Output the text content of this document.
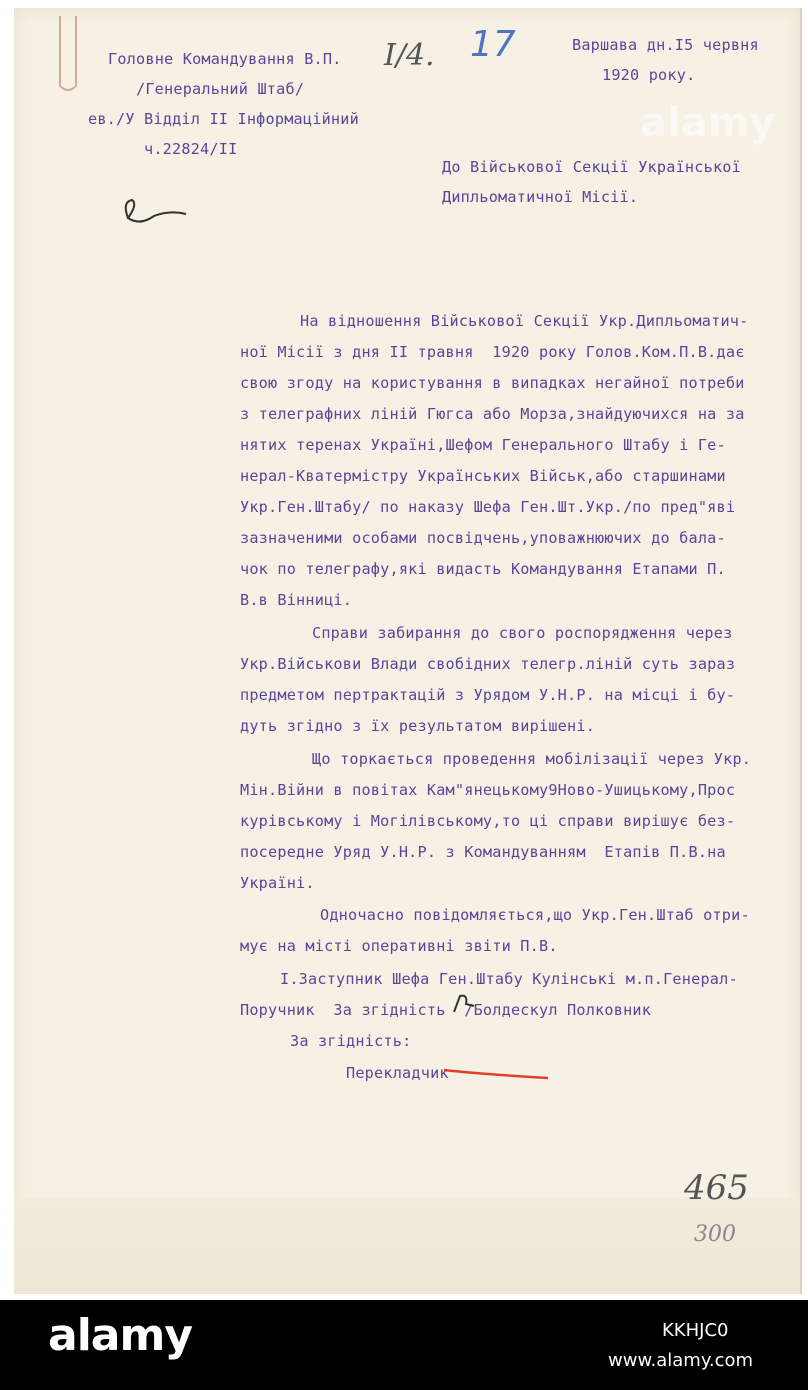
alamy
Головне Командування В.П.
/Генеральний Штаб/
ев./У Відділ II Інформаційний
ч.22824/II
I/4. 17	Варшава дн.I5 червня
1920 року.
До Військової Секції Української
Дипльоматичної Місії.
На відношення Військової Секції Укр.Дипльоматич-
ної Місії з дня II травня  1920 року Голов.Ком.П.В.дає
свою згоду на користування в випадках негайної потреби
з телеграфних ліній Гюгса або Морза,знайдуючихся на за
нятих теренах Україні,Шефом Генерального Штабу і Ге-
нерал-Кватермістру Українських Військ,або старшинами
Укр.Ген.Штабу/ по наказу Шефа Ген.Шт.Укр./по пред"яві
зазначеними особами посвідчень,уповажнюючих до бала-
чок по телеграфу,які видасть Командування Етапами П.
В.в Вінниці.
Справи забирання до свого роспорядження через
Укр.Військови Влади свобідних телегр.ліній суть зараз
предметом пертрактацій з Урядом У.Н.Р. на місці і бу-
дуть згідно з їх результатом вирішені.
Що торкається проведення мобілізації через Укр.
Мін.Війни в повітах Кам"янецькому9Ново-Ушицькому,Прос
курівському і Могілівському,то ці справи вирішує без-
посередне Уряд У.Н.Р. з Командуванням  Етапів П.В.на
Україні.
Одночасно повідомляється,що Укр.Ген.Штаб отри-
мує на місті оперативні звіти П.В.
I.Заступник Шефа Ген.Штабу Кулінські м.п.Генерал-
Поручник  За згідність  /Болдескул Полковник
За згідність:
Перекладчик
465
300
alamy	KKHJC0
www.alamy.com
